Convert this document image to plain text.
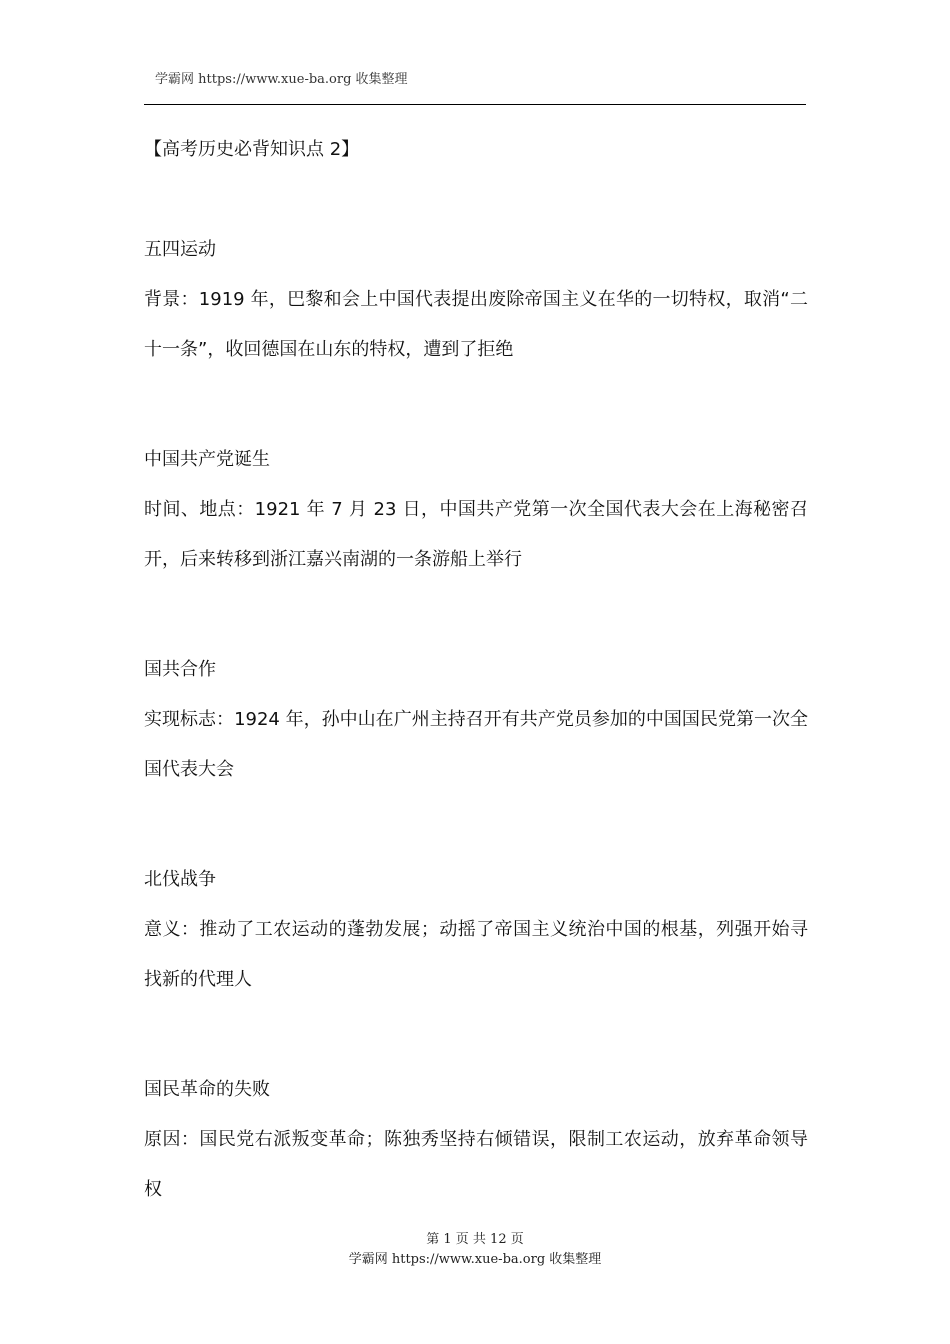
学霸网 https://www.xue-ba.org 收集整理
【高考历史必背知识点 2】

五四运动

背景：1919 年，巴黎和会上中国代表提出废除帝国主义在华的一切特权，取消“二十一条”，收回德国在山东的特权，遭到了拒绝

中国共产党诞生

时间、地点：1921 年 7 月 23 日，中国共产党第一次全国代表大会在上海秘密召开，后来转移到浙江嘉兴南湖的一条游船上举行

国共合作

实现标志：1924 年，孙中山在广州主持召开有共产党员参加的中国国民党第一次全国代表大会

北伐战争

意义：推动了工农运动的蓬勃发展；动摇了帝国主义统治中国的根基，列强开始寻找新的代理人

国民革命的失败

原因：国民党右派叛变革命；陈独秀坚持右倾错误，限制工农运动，放弃革命领导权

第 1 页 共 12 页
学霸网 https://www.xue-ba.org 收集整理
